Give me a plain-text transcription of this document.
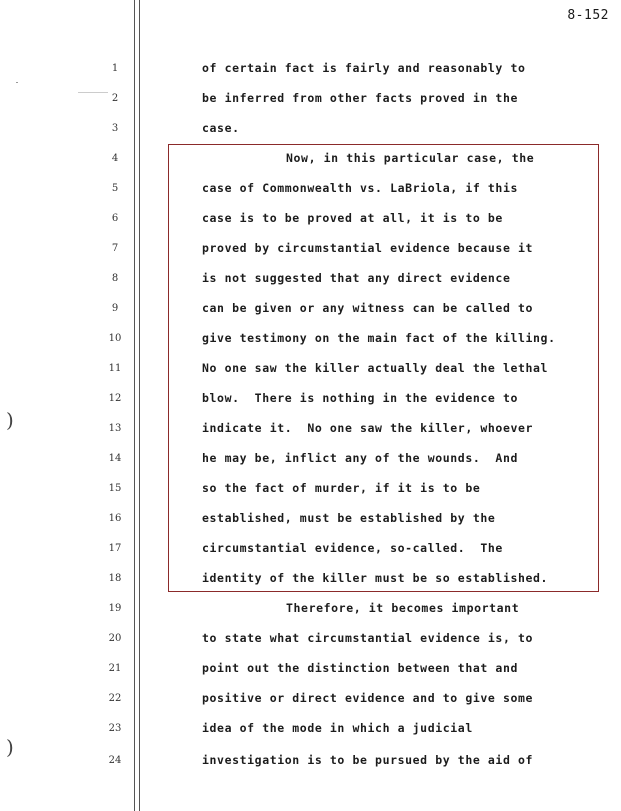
8-152
)
)
1
2
3
4
5
6
7
8
9
10
11
12
13
14
15
16
17
18
19
20
21
22
23
24
of certain fact is fairly and reasonably to
be inferred from other facts proved in the
case.
Now, in this particular case, the
case of Commonwealth vs. LaBriola, if this
case is to be proved at all, it is to be
proved by circumstantial evidence because it
is not suggested that any direct evidence
can be given or any witness can be called to
give testimony on the main fact of the killing.
No one saw the killer actually deal the lethal
blow.  There is nothing in the evidence to
indicate it.  No one saw the killer, whoever
he may be, inflict any of the wounds.  And
so the fact of murder, if it is to be
established, must be established by the
circumstantial evidence, so-called.  The
identity of the killer must be so established.
Therefore, it becomes important
to state what circumstantial evidence is, to
point out the distinction between that and
positive or direct evidence and to give some
idea of the mode in which a judicial
investigation is to be pursued by the aid of
